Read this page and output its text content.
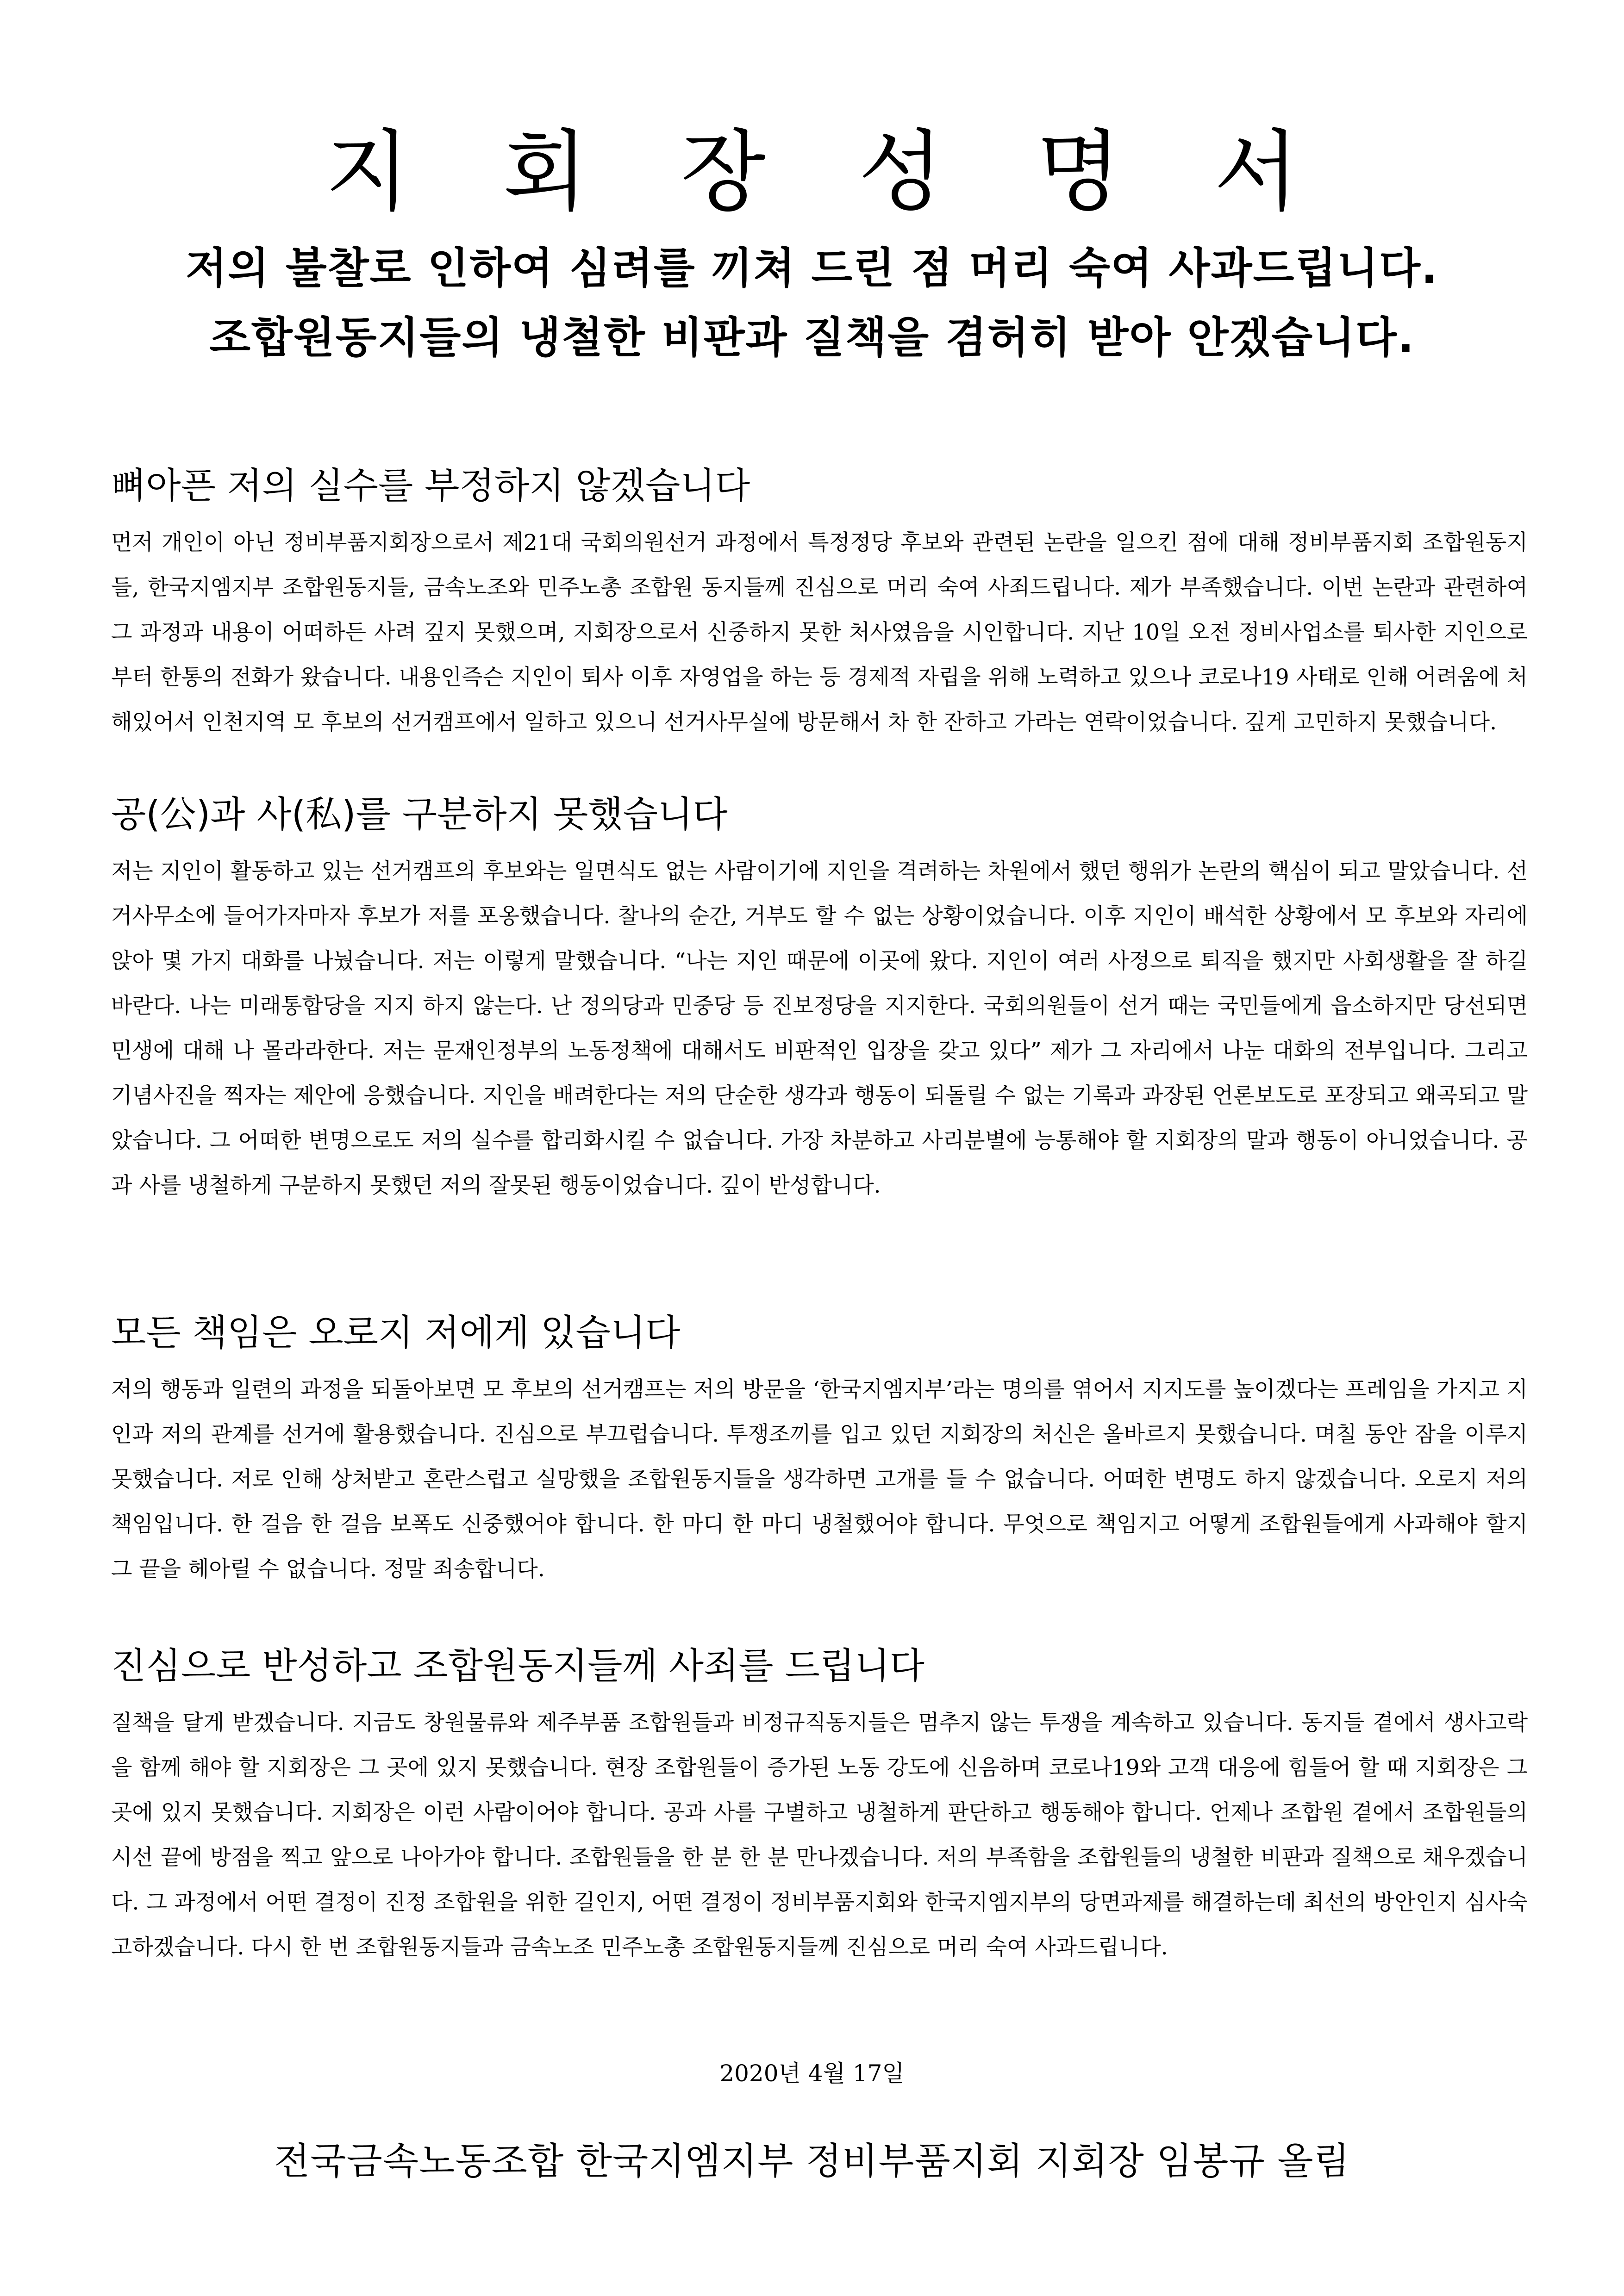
지 회 장 성 명 서
저의 불찰로 인하여 심려를 끼쳐 드린 점 머리 숙여 사과드립니다.
조합원동지들의 냉철한 비판과 질책을 겸허히 받아 안겠습니다.
뼈아픈 저의 실수를 부정하지 않겠습니다

먼저 개인이 아닌 정비부품지회장으로서 제21대 국회의원선거 과정에서 특정정당 후보와 관련된 논란을 일으킨 점에 대해 정비부품지회 조합원동지들, 한국지엠지부 조합원동지들, 금속노조와 민주노총 조합원 동지들께 진심으로 머리 숙여 사죄드립니다. 제가 부족했습니다. 이번 논란과 관련하여 그 과정과 내용이 어떠하든 사려 깊지 못했으며, 지회장으로서 신중하지 못한 처사였음을 시인합니다. 지난 10일 오전 정비사업소를 퇴사한 지인으로부터 한통의 전화가 왔습니다. 내용인즉슨 지인이 퇴사 이후 자영업을 하는 등 경제적 자립을 위해 노력하고 있으나 코로나19 사태로 인해 어려움에 처해있어서 인천지역 모 후보의 선거캠프에서 일하고 있으니 선거사무실에 방문해서 차 한 잔하고 가라는 연락이었습니다. 깊게 고민하지 못했습니다.

공(公)과 사(私)를 구분하지 못했습니다

저는 지인이 활동하고 있는 선거캠프의 후보와는 일면식도 없는 사람이기에 지인을 격려하는 차원에서 했던 행위가 논란의 핵심이 되고 말았습니다. 선거사무소에 들어가자마자 후보가 저를 포옹했습니다. 찰나의 순간, 거부도 할 수 없는 상황이었습니다. 이후 지인이 배석한 상황에서 모 후보와 자리에 앉아 몇 가지 대화를 나눴습니다. 저는 이렇게 말했습니다. “나는 지인 때문에 이곳에 왔다. 지인이 여러 사정으로 퇴직을 했지만 사회생활을 잘 하길 바란다. 나는 미래통합당을 지지 하지 않는다. 난 정의당과 민중당 등 진보정당을 지지한다. 국회의원들이 선거 때는 국민들에게 읍소하지만 당선되면 민생에 대해 나 몰라라한다. 저는 문재인정부의 노동정책에 대해서도 비판적인 입장을 갖고 있다” 제가 그 자리에서 나눈 대화의 전부입니다. 그리고 기념사진을 찍자는 제안에 응했습니다. 지인을 배려한다는 저의 단순한 생각과 행동이 되돌릴 수 없는 기록과 과장된 언론보도로 포장되고 왜곡되고 말았습니다. 그 어떠한 변명으로도 저의 실수를 합리화시킬 수 없습니다. 가장 차분하고 사리분별에 능통해야 할 지회장의 말과 행동이 아니었습니다. 공과 사를 냉철하게 구분하지 못했던 저의 잘못된 행동이었습니다. 깊이 반성합니다.

모든 책임은 오로지 저에게 있습니다

저의 행동과 일련의 과정을 되돌아보면 모 후보의 선거캠프는 저의 방문을 ‘한국지엠지부’라는 명의를 엮어서 지지도를 높이겠다는 프레임을 가지고 지인과 저의 관계를 선거에 활용했습니다. 진심으로 부끄럽습니다. 투쟁조끼를 입고 있던 지회장의 처신은 올바르지 못했습니다. 며칠 동안 잠을 이루지 못했습니다. 저로 인해 상처받고 혼란스럽고 실망했을 조합원동지들을 생각하면 고개를 들 수 없습니다. 어떠한 변명도 하지 않겠습니다. 오로지 저의 책임입니다. 한 걸음 한 걸음 보폭도 신중했어야 합니다. 한 마디 한 마디 냉철했어야 합니다. 무엇으로 책임지고 어떻게 조합원들에게 사과해야 할지 그 끝을 헤아릴 수 없습니다. 정말 죄송합니다.

진심으로 반성하고 조합원동지들께 사죄를 드립니다

질책을 달게 받겠습니다. 지금도 창원물류와 제주부품 조합원들과 비정규직동지들은 멈추지 않는 투쟁을 계속하고 있습니다. 동지들 곁에서 생사고락을 함께 해야 할 지회장은 그 곳에 있지 못했습니다. 현장 조합원들이 증가된 노동 강도에 신음하며 코로나19와 고객 대응에 힘들어 할 때 지회장은 그 곳에 있지 못했습니다. 지회장은 이런 사람이어야 합니다. 공과 사를 구별하고 냉철하게 판단하고 행동해야 합니다. 언제나 조합원 곁에서 조합원들의 시선 끝에 방점을 찍고 앞으로 나아가야 합니다. 조합원들을 한 분 한 분 만나겠습니다. 저의 부족함을 조합원들의 냉철한 비판과 질책으로 채우겠습니다. 그 과정에서 어떤 결정이 진정 조합원을 위한 길인지, 어떤 결정이 정비부품지회와 한국지엠지부의 당면과제를 해결하는데 최선의 방안인지 심사숙고하겠습니다. 다시 한 번 조합원동지들과 금속노조 민주노총 조합원동지들께 진심으로 머리 숙여 사과드립니다.

2020년 4월 17일
전국금속노동조합 한국지엠지부 정비부품지회 지회장 임봉규 올림
